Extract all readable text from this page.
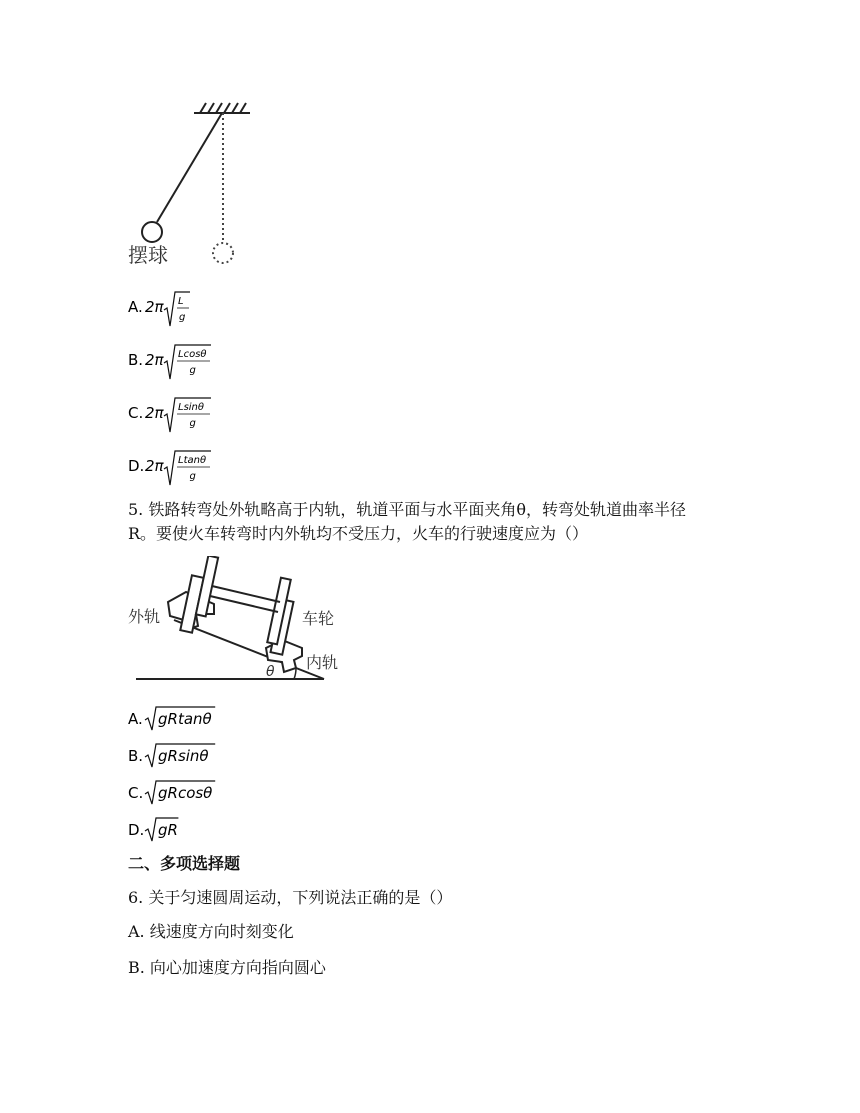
摆球
A. 2π L
g
B. 2π Lcosθ
g
C. 2π Lsinθ
g
D. 2π Ltanθ
g
5. 铁路转弯处外轨略高于内轨，轨道平面与水平面夹角θ，转弯处轨道曲率半径
R。要使火车转弯时内外轨均不受压力，火车的行驶速度应为（）
θ
外轨	车轮
内轨
A. gRtanθ
B. gRsinθ
C. gRcosθ
D. gR
二、多项选择题
6. 关于匀速圆周运动，下列说法正确的是（）
A. 线速度方向时刻变化
B. 向心加速度方向指向圆心
